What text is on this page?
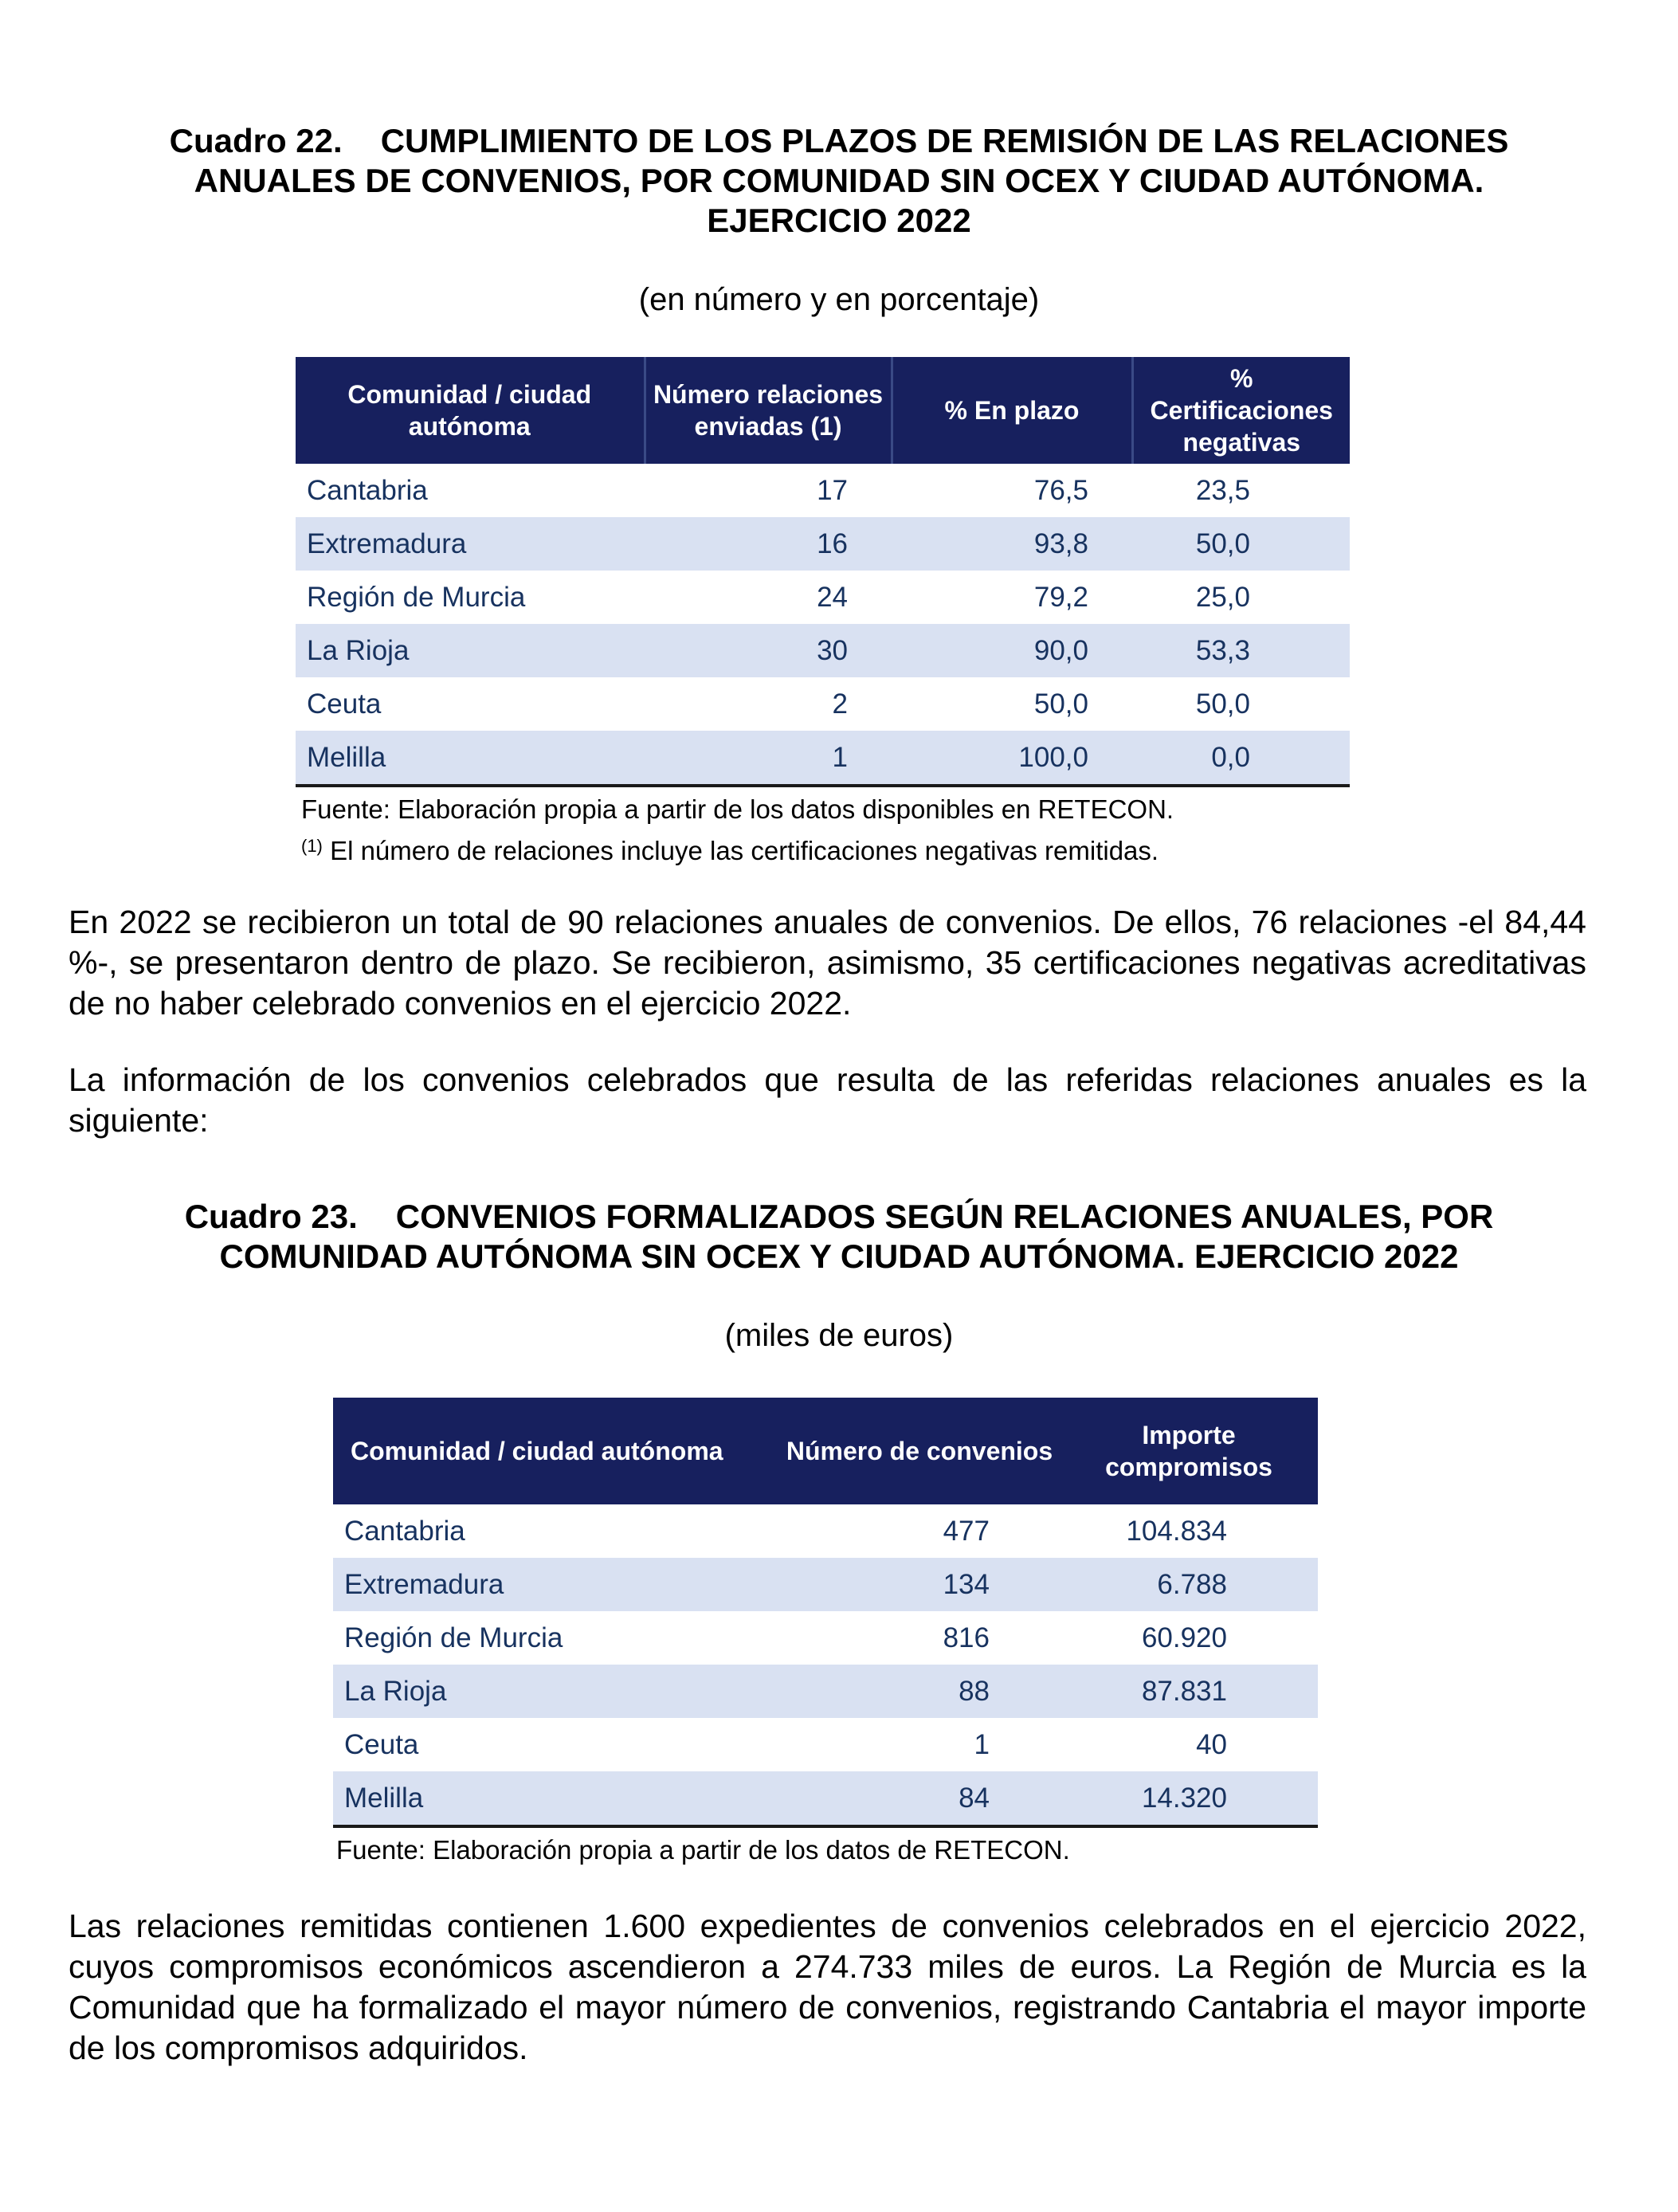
Cuadro 22. CUMPLIMIENTO DE LOS PLAZOS DE REMISIÓN DE LAS RELACIONES
ANUALES DE CONVENIOS, POR COMUNIDAD SIN OCEX Y CIUDAD AUTÓNOMA.
EJERCICIO 2022
(en número y en porcentaje)
Comunidad / ciudad autónoma	Número relaciones enviadas (1)	% En plazo	% Certificaciones negativas
Cantabria	17	76,5	23,5
Extremadura	16	93,8	50,0
Región de Murcia	24	79,2	25,0
La Rioja	30	90,0	53,3
Ceuta	2	50,0	50,0
Melilla	1	100,0	0,0
Fuente: Elaboración propia a partir de los datos disponibles en RETECON.
$^{(1)}$ El número de relaciones incluye las certificaciones negativas remitidas.

En 2022 se recibieron un total de 90 relaciones anuales de convenios. De ellos, 76 relaciones -el 84,44 %-, se presentaron dentro de plazo. Se recibieron, asimismo, 35 certificaciones negativas acreditativas de no haber celebrado convenios en el ejercicio 2022.

La información de los convenios celebrados que resulta de las referidas relaciones anuales es la siguiente:

Cuadro 23. CONVENIOS FORMALIZADOS SEGÚN RELACIONES ANUALES, POR
COMUNIDAD AUTÓNOMA SIN OCEX Y CIUDAD AUTÓNOMA. EJERCICIO 2022
(miles de euros)
Comunidad / ciudad autónoma	Número de convenios	Importe compromisos
Cantabria	477	104.834
Extremadura	134	6.788
Región de Murcia	816	60.920
La Rioja	88	87.831
Ceuta	1	40
Melilla	84	14.320
Fuente: Elaboración propia a partir de los datos de RETECON.

Las relaciones remitidas contienen 1.600 expedientes de convenios celebrados en el ejercicio 2022, cuyos compromisos económicos ascendieron a 274.733 miles de euros. La Región de Murcia es la Comunidad que ha formalizado el mayor número de convenios, registrando Cantabria el mayor importe de los compromisos adquiridos.
